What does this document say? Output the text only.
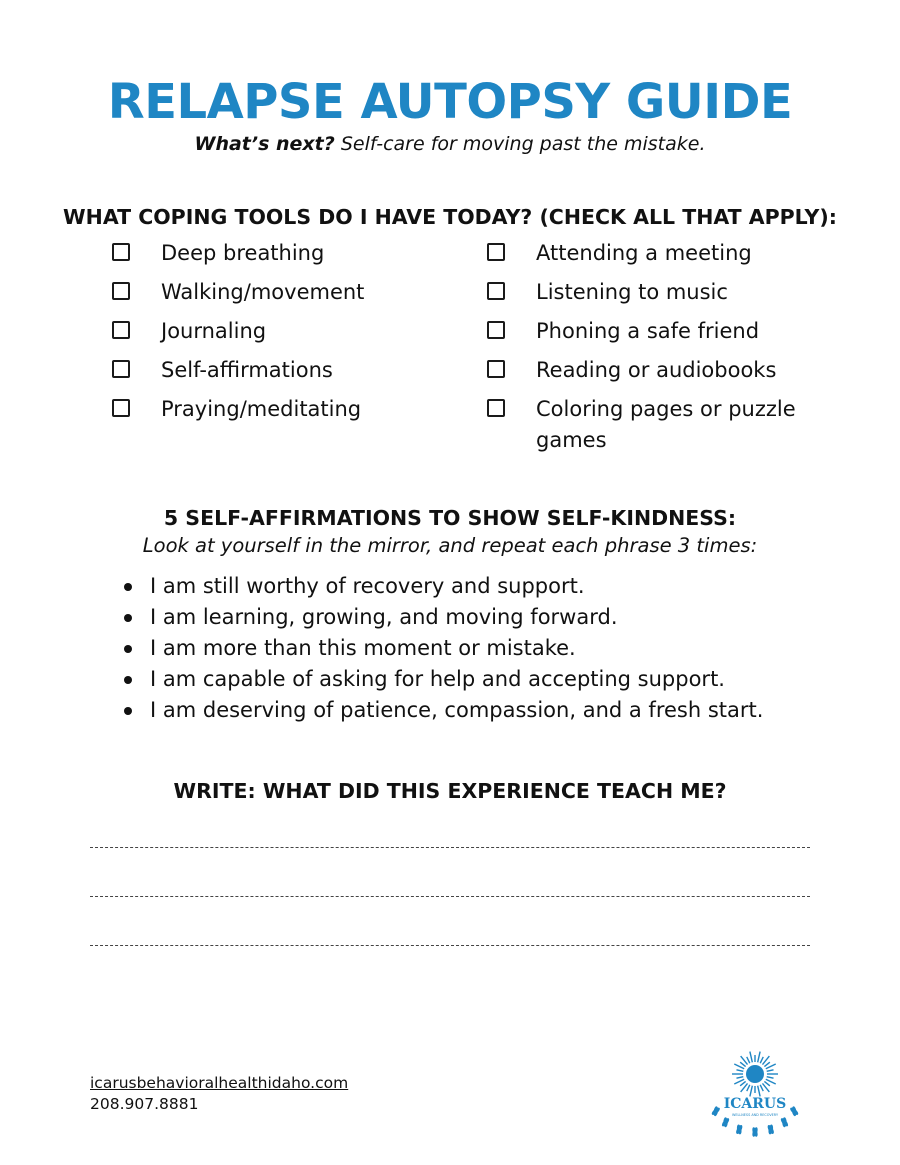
RELAPSE AUTOPSY GUIDE
What’s next? Self-care for moving past the mistake.
WHAT COPING TOOLS DO I HAVE TODAY? (CHECK ALL THAT APPLY):
Deep breathing
Walking/movement
Journaling
Self-affirmations
Praying/meditating
Attending a meeting
Listening to music
Phoning a safe friend
Reading or audiobooks
Coloring pages or puzzle games
5 SELF-AFFIRMATIONS TO SHOW SELF-KINDNESS:
Look at yourself in the mirror, and repeat each phrase 3 times:
I am still worthy of recovery and support.
I am learning, growing, and moving forward.
I am more than this moment or mistake.
I am capable of asking for help and accepting support.
I am deserving of patience, compassion, and a fresh start.
WRITE: WHAT DID THIS EXPERIENCE TEACH ME?
icarusbehavioralhealthidaho.com
208.907.8881	ICARUS
WELLNESS AND RECOVERY
